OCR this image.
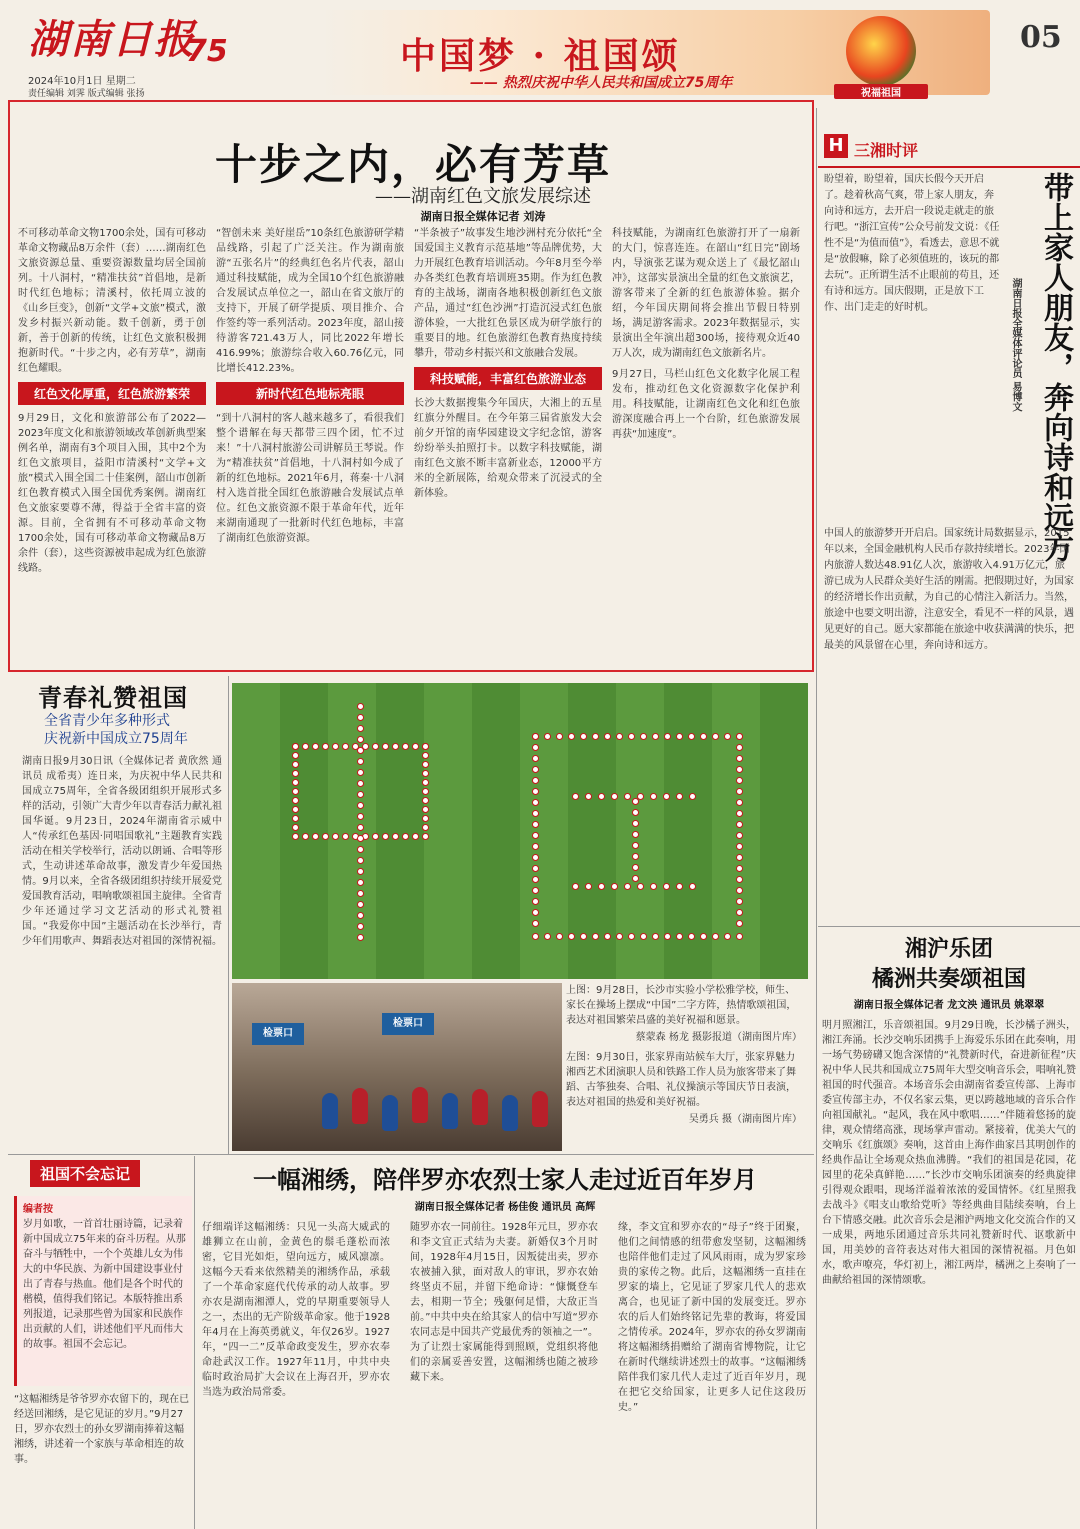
湖南日报
75
2024年10月1日 星期二
责任编辑 刘霁 版式编辑 张扬
中国梦 · 祖国颂
—— 热烈庆祝中华人民共和国成立75周年
祝福祖国
05
十步之内，必有芳草
——湖南红色文旅发展综述
湖南日报全媒体记者 刘涛

不可移动革命文物1700余处，国有可移动革命文物藏品8万余件（套）……湖南红色文旅资源总量、重要资源数量均居全国前列。十八洞村，“精准扶贫”首倡地，是新时代红色地标；清溪村，依托周立波的《山乡巨变》，创新“文学+文旅”模式，激发乡村振兴新动能。数千创新，勇于创新，善于创新的传统，让红色文旅积极拥抱新时代。“十步之内，必有芳草”，湖南红色耀眼。

红色文化厚重，红色旅游繁荣

9月29日，文化和旅游部公布了2022—2023年度文化和旅游领域改革创新典型案例名单，湖南有3个项目入围，其中2个为红色文旅项目，益阳市清溪村“文学+文旅”模式入围全国二十佳案例，韶山市创新红色教育模式入围全国优秀案例。湖南红色文旅家要尊不薄，得益于全省丰富的资源。目前，全省拥有不可移动革命文物1700余处，国有可移动革命文物藏品8万余件（套），这些资源被串起成为红色旅游线路。

“智创未来 美好崖岳”10条红色旅游研学精品线路，引起了广泛关注。作为湖南旅游“五张名片”的经典红色名片代表，韶山通过科技赋能，成为全国10个红色旅游融合发展试点单位之一，韶山在省文旅厅的支持下，开展了研学提质、项目推介、合作签约等一系列活动。2023年度，韶山接待游客721.43万人，同比2022年增长416.99%；旅游综合收入60.76亿元，同比增长412.23%。

新时代红色地标亮眼

“到十八洞村的客人越来越多了，看很我们整个谱解在每天都带三四个团，忙不过来！”十八洞村旅游公司讲解员王琴说。作为“精准扶贫”首倡地，十八洞村如今成了新的红色地标。2021年6月，蒋秦·十八洞村入选首批全国红色旅游融合发展试点单位。红色文旅资源不限于革命年代，近年来湖南通现了一批新时代红色地标，丰富了湖南红色旅游资源。

“半条被子”故事发生地沙洲村充分依托“全国爱国主义教育示范基地”等品牌优势，大力开展红色教育培训活动。今年8月至今举办各类红色教育培训班35期。作为红色教育的主战场，湖南各地积极创新红色文旅产品，通过“红色沙洲”打造沉浸式红色旅游体验，一大批红色景区成为研学旅行的重要目的地。红色旅游红色教育热度持续攀升，带动乡村振兴和文旅融合发展。

科技赋能，丰富红色旅游业态

长沙大数据搜集今年国庆，大湘上的五星红旗分外醒目。在今年第三届省旅发大会前夕开馆的南华园建设文字纪念馆，游客纷纷举头拍照打卡。以数字科技赋能，湖南红色文旅不断丰富新业态，12000平方米的全新展陈，给观众带来了沉浸式的全新体验。

科技赋能，为湖南红色旅游打开了一扇新的大门，惊喜连连。在韶山“红日完”剧场内，导演张艺谋为观众送上了《最忆韶山冲》，这部实景演出全量的红色文旅演艺，游客带来了全新的红色旅游体验。据介绍，今年国庆期间将会推出节假日特别场，满足游客需求。2023年数据显示，实景演出全年演出超300场，接待观众近40万人次，成为湖南红色文旅新名片。

9月27日，马栏山红色文化数字化展工程发布，推动红色文化资源数字化保护利用。科技赋能，让湖南红色文化和红色旅游深度融合再上一个台阶，红色旅游发展再获“加速度”。

H 三湘时评
带上家人朋友，奔向诗和远方
湖南日报全媒体评论员 易博文
盼望着，盼望着，国庆长假今天开启了。趁着秋高气爽，带上家人朋友，奔向诗和远方，去开启一段说走就走的旅行吧。“浙江宣传”公众号前发文说：《任性不是“为值而值”》，看透去，意思不就是“放假嘛，除了必须值班的，该玩的都去玩”。正所谓生活不止眼前的苟且，还有诗和远方。国庆假期，正是放下工作、出门走走的好时机。
中国人的旅游梦开开启启。国家统计局数据显示，2015年以来，全国金融机构人民币存款持续增长。2023年国内旅游人数达48.91亿人次，旅游收入4.91万亿元，旅游已成为人民群众美好生活的刚需。把假期过好，为国家的经济增长作出贡献，为自己的心情注入新活力。当然，旅途中也要文明出游，注意安全，看见不一样的风景，遇见更好的自己。愿大家都能在旅途中收获满满的快乐，把最美的风景留在心里，奔向诗和远方。
青春礼赞祖国
全省青少年多种形式
庆祝新中国成立75周年
湖南日报9月30日讯（全媒体记者 黄欣然 通讯员 成希夷）连日来，为庆祝中华人民共和国成立75周年，全省各级团组织开展形式多样的活动，引领广大青少年以青春活力献礼祖国华诞。9月23日，2024年湖南省示威中人“传承红色基因·同唱国歌礼”主题教育实践活动在相关学校举行，活动以朗诵、合唱等形式，生动讲述革命故事，激发青少年爱国热情。9月以来，全省各级团组织持续开展爱党爱国教育活动，唱响歌颂祖国主旋律。全省青少年还通过学习文艺活动的形式礼赞祖国。“我爱你中国”主题活动在长沙举行，青少年们用歌声、舞蹈表达对祖国的深情祝福。
检票口
检票口
上图：9月28日，长沙市实验小学松雅学校，师生、家长在操场上摆成“中国”二字方阵，热情歌颂祖国，表达对祖国繁荣昌盛的美好祝福和愿景。
蔡蒙森 杨龙 摄影报道（湖南图片库）
左图：9月30日，张家界南站候车大厅，张家界魅力湘西艺术团演职人员和铁路工作人员为旅客带来了舞蹈、古筝独奏、合唱、礼仪操演示等国庆节日表演，表达对祖国的热爱和美好祝福。
吴勇兵 摄（湖南图片库）
湘沪乐团
橘洲共奏颂祖国
湖南日报全媒体记者 龙文泱 通讯员 姚翠翠
明月照湘江，乐音颂祖国。9月29日晚，长沙橘子洲头，湘江奔涌。长沙交响乐团携手上海爱乐乐团在此奏响，用一场气势磅礴又饱含深情的“礼赞新时代，奋进新征程”庆祝中华人民共和国成立75周年大型交响音乐会，唱响礼赞祖国的时代强音。本场音乐会由湖南省委宣传部、上海市委宣传部主办，不仅名家云集，更以跨越地域的音乐合作向祖国献礼。“起风，我在风中歌唱……”伴随着悠扬的旋律，观众情绪高涨，现场掌声雷动。紧接着，优美大气的交响乐《红旗颂》奏响，这首由上海作曲家吕其明创作的经典作品让全场观众热血沸腾。“我们的祖国是花园，花园里的花朵真鲜艳……”长沙市交响乐团演奏的经典旋律引得观众跟唱，现场洋溢着浓浓的爱国情怀。《红星照我去战斗》《唱支山歌给党听》等经典曲目陆续奏响，台上台下情感交融。此次音乐会是湘沪两地文化交流合作的又一成果，两地乐团通过音乐共同礼赞新时代、讴歌新中国，用美妙的音符表达对伟大祖国的深情祝福。月色如水，歌声嘹亮，华灯初上，湘江两岸，橘洲之上奏响了一曲献给祖国的深情颂歌。
祖国不会忘记
编者按
岁月如歌，一首首壮丽诗篇，记录着新中国成立75年来的奋斗历程。从那奋斗与牺牲中，一个个英雄儿女为伟大的中华民族、为新中国建设事业付出了青春与热血。他们是各个时代的楷模，值得我们铭记。本版特推出系列报道，记录那些曾为国家和民族作出贡献的人们，讲述他们平凡而伟大的故事。祖国不会忘记。
“这幅湘绣是爷爷罗亦农留下的，现在已经送回湘绣，是它见证的岁月。”9月27日，罗亦农烈士的孙女罗湖南捧着这幅湘绣，讲述着一个家族与革命相连的故事。
一幅湘绣，陪伴罗亦农烈士家人走过近百年岁月
湖南日报全媒体记者 杨佳俊 通讯员 高辉
仔细端详这幅湘绣：只见一头高大威武的雄狮立在山前，金黄色的鬃毛蓬松而浓密，它目光如炬，望向远方，威风凛凛。这幅今天看来依然精美的湘绣作品，承载了一个革命家庭代代传承的动人故事。罗亦农是湖南湘潭人，党的早期重要领导人之一，杰出的无产阶级革命家。他于1928年4月在上海英勇就义，年仅26岁。1927年，“四一二”反革命政变发生，罗亦农奉命赴武汉工作。1927年11月，中共中央临时政治局扩大会议在上海召开，罗亦农当选为政治局常委。
随罗亦农一同前往。1928年元旦，罗亦农和李文宜正式结为夫妻。新婚仅3个月时间，1928年4月15日，因叛徒出卖，罗亦农被捕入狱，面对敌人的审讯，罗亦农始终坚贞不屈，并留下绝命诗：“慷慨登车去，相期一节全；残躯何足惜，大敌正当前。”中共中央在给其家人的信中写道“罗亦农同志是中国共产党最优秀的领袖之一”。为了让烈士家属能得到照顾，党组织将他们的亲属妥善安置，这幅湘绣也随之被珍藏下来。
缘，李文宜和罗亦农的“母子”终于团聚，他们之间情感的纽带愈发坚韧，这幅湘绣也陪伴他们走过了风风雨雨，成为罗家珍贵的家传之物。此后，这幅湘绣一直挂在罗家的墙上，它见证了罗家几代人的悲欢离合，也见证了新中国的发展变迁。罗亦农的后人们始终铭记先辈的教诲，将爱国之情传承。2024年，罗亦农的孙女罗湖南将这幅湘绣捐赠给了湖南省博物院，让它在新时代继续讲述烈士的故事。“这幅湘绣陪伴我们家几代人走过了近百年岁月，现在把它交给国家，让更多人记住这段历史。”
